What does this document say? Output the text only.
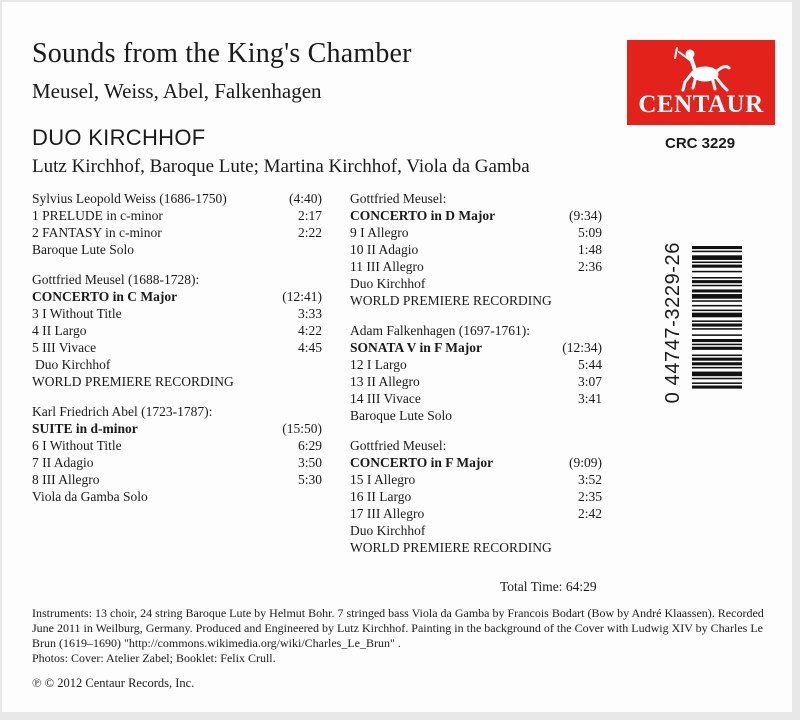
Sounds from the King's Chamber
Meusel, Weiss, Abel, Falkenhagen
DUO KIRCHHOF
Lutz Kirchhof, Baroque Lute; Martina Kirchhof, Viola da Gamba
CENTAUR
CRC 3229
Sylvius Leopold Weiss (1686-1750)	(4:40)
1 PRELUDE in c-minor	2:17
2 FANTASY in c-minor	2:22
Baroque Lute Solo
Gottfried Meusel (1688-1728):
CONCERTO in C Major	(12:41)
3 I Without Title	3:33
4 II Largo	4:22
5 III Vivace	4:45
Duo Kirchhof
WORLD PREMIERE RECORDING
Karl Friedrich Abel (1723-1787):
SUITE in d-minor	(15:50)
6 I Without Title	6:29
7 II Adagio	3:50
8 III Allegro	5:30
Viola da Gamba Solo
Gottfried Meusel:
CONCERTO in D Major	(9:34)
9 I Allegro	5:09
10 II Adagio	1:48
11 III Allegro	2:36
Duo Kirchhof
WORLD PREMIERE RECORDING
Adam Falkenhagen (1697-1761):
SONATA V in F Major	(12:34)
12 I Largo	5:44
13 II Allegro	3:07
14 III Vivace	3:41
Baroque Lute Solo
Gottfried Meusel:
CONCERTO in F Major	(9:09)
15 I Allegro	3:52
16 II Largo	2:35
17 III Allegro	2:42
Duo Kirchhof
WORLD PREMIERE RECORDING
Total Time: 64:29
0 44747-3229-26
Instruments: 13 choir, 24 string Baroque Lute by Helmut Bohr. 7 stringed bass Viola da Gamba by Francois Bodart (Bow by André Klaassen). Recorded June 2011 in Weilburg, Germany. Produced and Engineered by Lutz Kirchhof. Painting in the background of the Cover with Ludwig XIV by Charles Le Brun (1619–1690) "http://commons.wikimedia.org/wiki/Charles_Le_Brun" .
Photos: Cover: Atelier Zabel; Booklet: Felix Crull.
℗ © 2012 Centaur Records, Inc.
